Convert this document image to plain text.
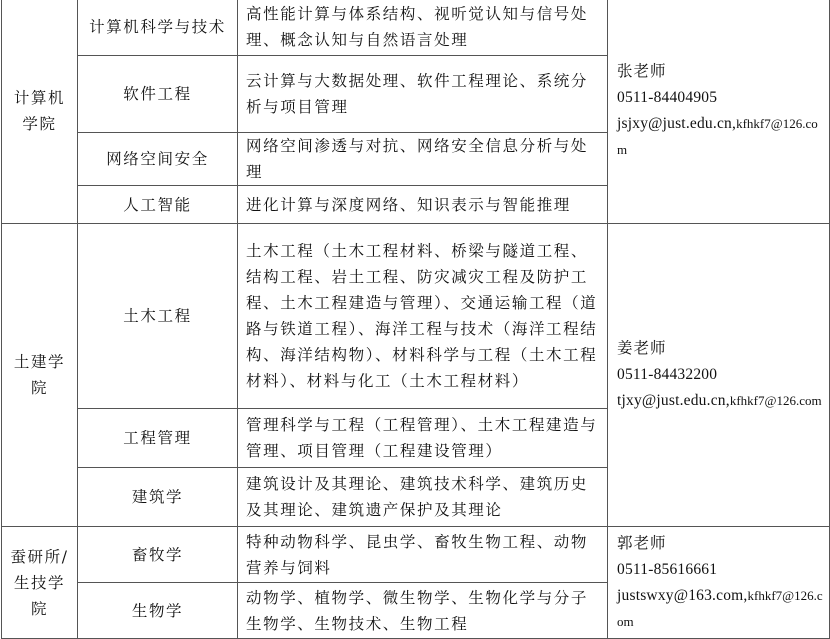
计算机学院	计算机科学与技术	高性能计算与体系结构、视听觉认知与信号处理、概念认知与自然语言处理	张老师
0511-84404905
jsjxy@just.edu.cn,kfhkf7@126.com

	软件工程	云计算与大数据处理、软件工程理论、系统分析与项目管理	
	网络空间安全	网络空间渗透与对抗、网络安全信息分析与处理	
	人工智能	进化计算与深度网络、知识表示与智能推理	
土建学院	土木工程	土木工程（土木工程材料、桥梁与隧道工程、结构工程、岩土工程、防灾减灾工程及防护工程、土木工程建造与管理）、交通运输工程（道路与铁道工程）、海洋工程与技术（海洋工程结构、海洋结构物）、材料科学与工程（土木工程材料）、材料与化工（土木工程材料）	姜老师
0511-84432200
tjxy@just.edu.cn,kfhkf7@126.com

	工程管理	管理科学与工程（工程管理）、土木工程建造与管理、项目管理（工程建设管理）	
	建筑学	建筑设计及其理论、建筑技术科学、建筑历史及其理论、建筑遗产保护及其理论	
蚕研所/生技学院	畜牧学	特种动物科学、昆虫学、畜牧生物工程、动物营养与饲料	郭老师
0511-85616661
justswxy@163.com,kfhkf7@126.com

	生物学	动物学、植物学、微生物学、生物化学与分子生物学、生物技术、生物工程	
